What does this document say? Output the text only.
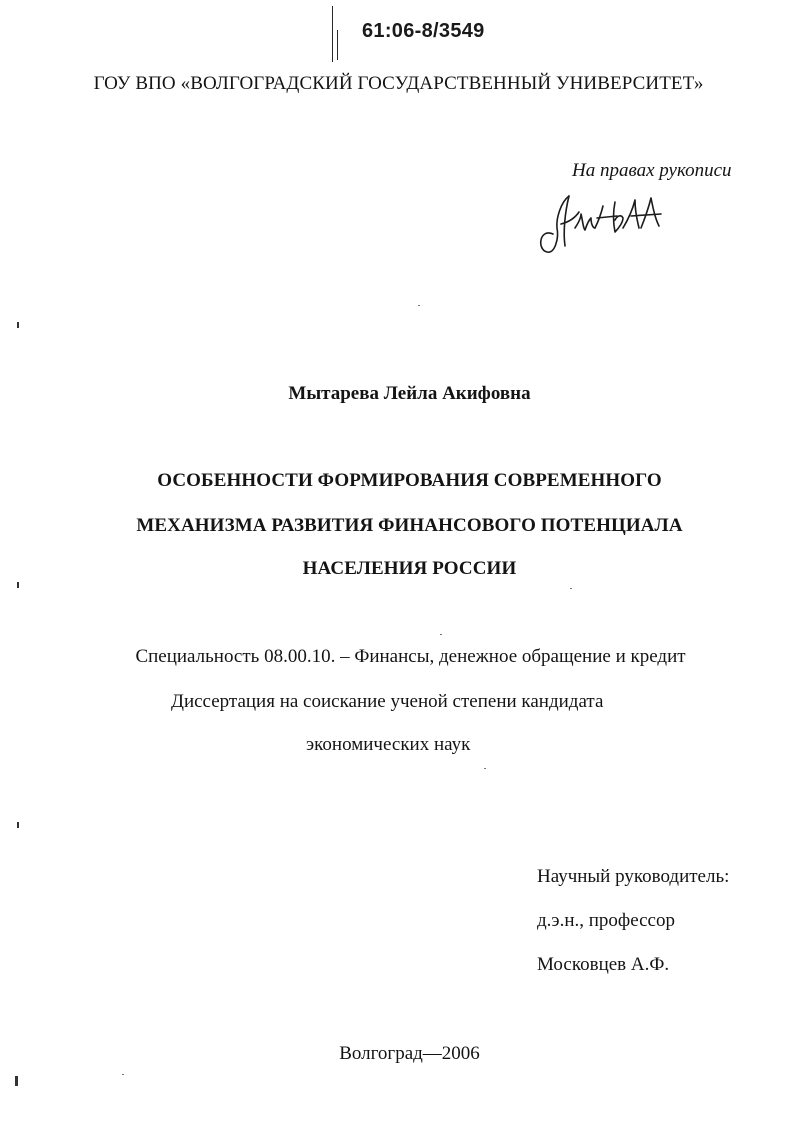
61:06-8/3549
ГОУ ВПО «ВОЛГОГРАДСКИЙ ГОСУДАРСТВЕННЫЙ УНИВЕРСИТЕТ»
На правах рукописи
Мытарева Лейла Акифовна
ОСОБЕННОСТИ ФОРМИРОВАНИЯ СОВРЕМЕННОГО
МЕХАНИЗМА РАЗВИТИЯ ФИНАНСОВОГО ПОТЕНЦИАЛА
НАСЕЛЕНИЯ РОССИИ
Специальность 08.00.10. – Финансы, денежное обращение и кредит
Диссертация на соискание ученой степени кандидата
экономических наук
Научный руководитель:
д.э.н., профессор
Московцев А.Ф.
Волгоград—2006
